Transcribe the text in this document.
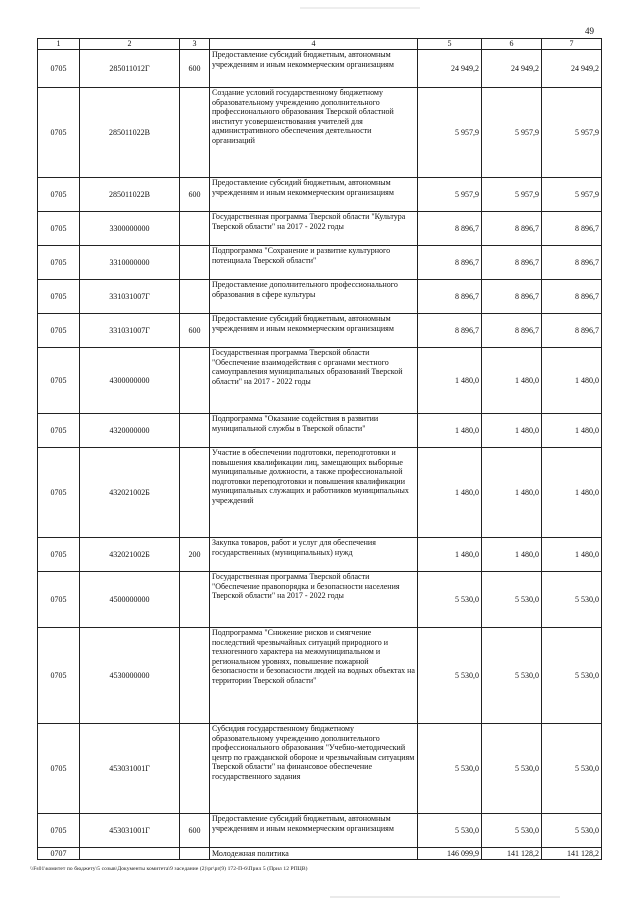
49
1	2	3	4	5	6	7
0705	285011012Г	600	Предоставление субсидий бюджетным, автономным учреждениям и иным некоммерческим организациям	24 949,2	24 949,2	24 949,2
0705	285011022В		Создание условий государственному бюджетному образовательному учреждению дополнительного профессионального образования Тверской областной институт усовершенствования учителей для административного обеспечения деятельности организаций	5 957,9	5 957,9	5 957,9
0705	285011022В	600	Предоставление субсидий бюджетным, автономным учреждениям и иным некоммерческим организациям	5 957,9	5 957,9	5 957,9
0705	3300000000		Государственная программа Тверской области "Культура Тверской области" на 2017 - 2022 годы	8 896,7	8 896,7	8 896,7
0705	3310000000		Подпрограмма "Сохранение и развитие культурного потенциала Тверской области"	8 896,7	8 896,7	8 896,7
0705	331031007Г		Предоставление дополнительного профессионального образования в сфере культуры	8 896,7	8 896,7	8 896,7
0705	331031007Г	600	Предоставление субсидий бюджетным, автономным учреждениям и иным некоммерческим организациям	8 896,7	8 896,7	8 896,7
0705	4300000000		Государственная программа Тверской области "Обеспечение взаимодействия с органами местного самоуправления муниципальных образований Тверской области" на 2017 - 2022 годы	1 480,0	1 480,0	1 480,0
0705	4320000000		Подпрограмма "Оказание содействия в развитии муниципальной службы в Тверской области"	1 480,0	1 480,0	1 480,0
0705	432021002Б		Участие в обеспечении подготовки, переподготовки и повышения квалификации лиц, замещающих выборные муниципальные должности, а также профессиональной подготовки переподготовки и повышения квалификации муниципальных служащих и работников муниципальных учреждений	1 480,0	1 480,0	1 480,0
0705	432021002Б	200	Закупка товаров, работ и услуг для обеспечения государственных (муниципальных) нужд	1 480,0	1 480,0	1 480,0
0705	4500000000		Государственная программа Тверской области "Обеспечение правопорядка и безопасности населения Тверской области" на 2017 - 2022 годы	5 530,0	5 530,0	5 530,0
0705	4530000000		Подпрограмма "Снижение рисков и смягчение последствий чрезвычайных ситуаций природного и техногенного характера на межмуниципальном и региональном уровнях, повышение пожарной безопасности и безопасности людей на водных объектах на территории Тверской области"	5 530,0	5 530,0	5 530,0
0705	453031001Г		Субсидия государственному бюджетному образовательному учреждению дополнительного профессионального образования "Учебно-методический центр по гражданской обороне и чрезвычайным ситуациям Тверской области" на финансовое обеспечение государственного задания	5 530,0	5 530,0	5 530,0
0705	453031001Г	600	Предоставление субсидий бюджетным, автономным учреждениям и иным некоммерческим организациям	5 530,0	5 530,0	5 530,0
0707			Молодежная политика	146 099,9	141 128,2	141 128,2
\\Fs01\комитет по бюджету\5 созыв\Документы комитета\9 заседание (2)\pr\pr(9) 172-П-6\Прил 5 (Прил 12 РПЦВ)
